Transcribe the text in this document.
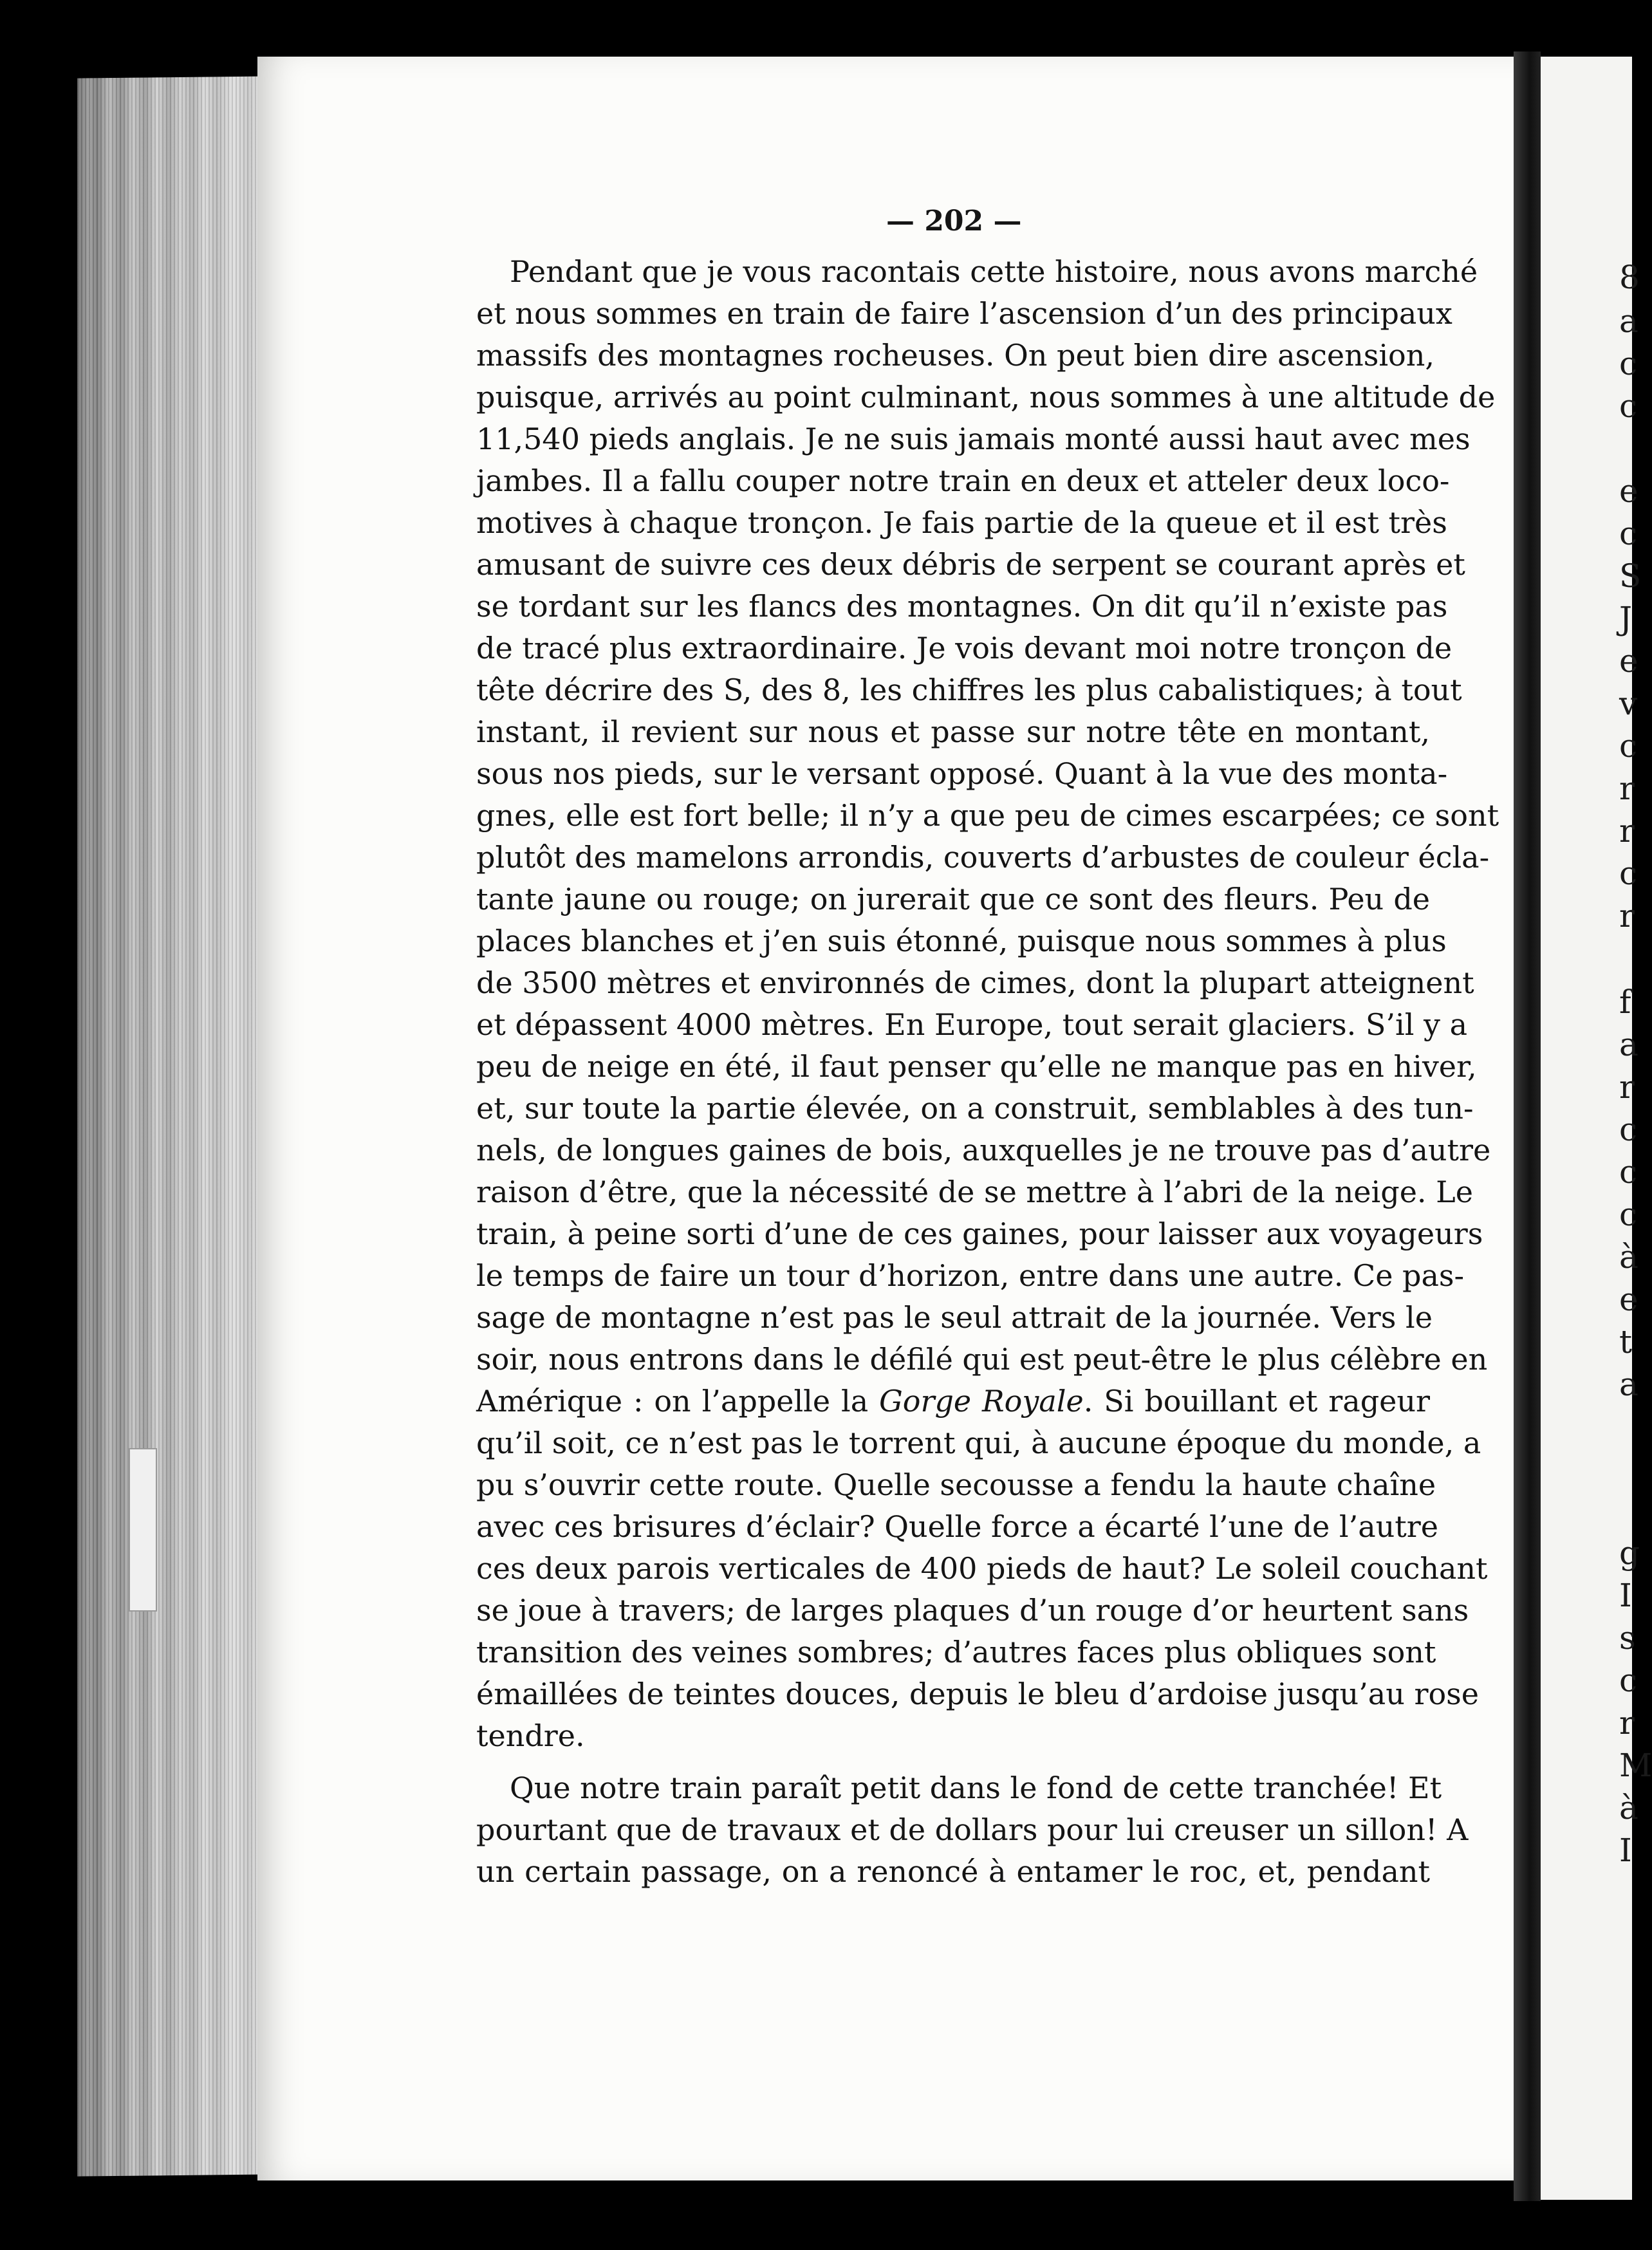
— 202 —
Pendant que je vous racontais cette histoire, nous avons marché
et nous sommes en train de faire l’ascension d’un des principaux
massifs des montagnes rocheuses. On peut bien dire ascension,
puisque, arrivés au point culminant, nous sommes à une altitude de
11,540 pieds anglais. Je ne suis jamais monté aussi haut avec mes
jambes. Il a fallu couper notre train en deux et atteler deux loco-
motives à chaque tronçon. Je fais partie de la queue et il est très
amusant de suivre ces deux débris de serpent se courant après et
se tordant sur les flancs des montagnes. On dit qu’il n’existe pas
de tracé plus extraordinaire. Je vois devant moi notre tronçon de
tête décrire des S, des 8, les chiffres les plus cabalistiques; à tout
instant, il revient sur nous et passe sur notre tête en montant,
sous nos pieds, sur le versant opposé. Quant à la vue des monta-
gnes, elle est fort belle; il n’y a que peu de cimes escarpées; ce sont
plutôt des mamelons arrondis, couverts d’arbustes de couleur écla-
tante jaune ou rouge; on jurerait que ce sont des fleurs. Peu de
places blanches et j’en suis étonné, puisque nous sommes à plus
de 3500 mètres et environnés de cimes, dont la plupart atteignent
et dépassent 4000 mètres. En Europe, tout serait glaciers. S’il y a
peu de neige en été, il faut penser qu’elle ne manque pas en hiver,
et, sur toute la partie élevée, on a construit, semblables à des tun-
nels, de longues gaines de bois, auxquelles je ne trouve pas d’autre
raison d’être, que la nécessité de se mettre à l’abri de la neige. Le
train, à peine sorti d’une de ces gaines, pour laisser aux voyageurs
le temps de faire un tour d’horizon, entre dans une autre. Ce pas-
sage de montagne n’est pas le seul attrait de la journée. Vers le
soir, nous entrons dans le défilé qui est peut-être le plus célèbre en
Amérique : on l’appelle la Gorge Royale. Si bouillant et rageur
qu’il soit, ce n’est pas le torrent qui, à aucune époque du monde, a
pu s’ouvrir cette route. Quelle secousse a fendu la haute chaîne
avec ces brisures d’éclair? Quelle force a écarté l’une de l’autre
ces deux parois verticales de 400 pieds de haut? Le soleil couchant
se joue à travers; de larges plaques d’un rouge d’or heurtent sans
transition des veines sombres; d’autres faces plus obliques sont
émaillées de teintes douces, depuis le bleu d’ardoise jusqu’au rose
tendre.
Que notre train paraît petit dans le fond de cette tranchée! Et
pourtant que de travaux et de dollars pour lui creuser un sillon! A
un certain passage, on a renoncé à entamer le roc, et, pendant
8
a
c
c
e
c
S
J
e
v
c
r
r
c
r
f
a
r
c
c
c
à
e
t
a
g
I
s
c
r
M
à
I
